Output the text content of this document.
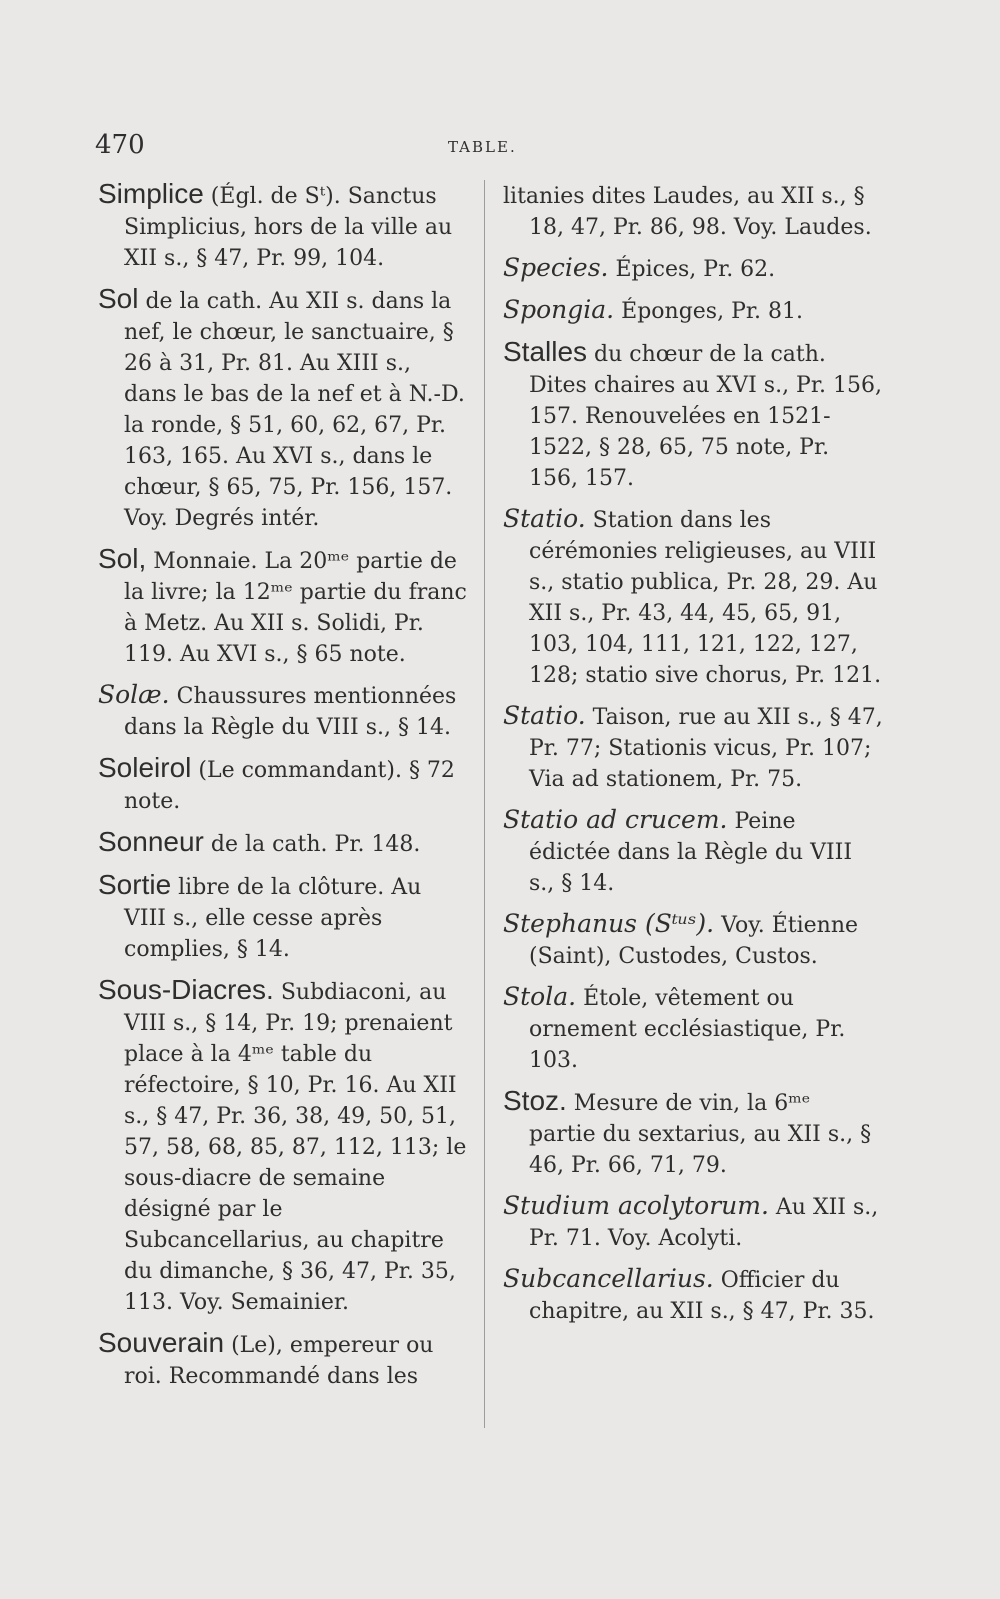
470	TABLE.
Simplice (Égl. de Sᵗ). Sanctus Simplicius, hors de la ville au XII s., § 47, Pr. 99, 104.
Sol de la cath. Au XII s. dans la nef, le chœur, le sanctuaire, § 26 à 31, Pr. 81. Au XIII s., dans le bas de la nef et à N.-D. la ronde, § 51, 60, 62, 67, Pr. 163, 165. Au XVI s., dans le chœur, § 65, 75, Pr. 156, 157. Voy. Degrés intér.
Sol, Monnaie. La 20ᵐᵉ partie de la livre; la 12ᵐᵉ partie du franc à Metz. Au XII s. Solidi, Pr. 119. Au XVI s., § 65 note.
Solæ. Chaussures mentionnées dans la Règle du VIII s., § 14.
Soleirol (Le commandant). § 72 note.
Sonneur de la cath. Pr. 148.
Sortie libre de la clôture. Au VIII s., elle cesse après complies, § 14.
Sous-Diacres. Subdiaconi, au VIII s., § 14, Pr. 19; prenaient place à la 4ᵐᵉ table du réfectoire, § 10, Pr. 16. Au XII s., § 47, Pr. 36, 38, 49, 50, 51, 57, 58, 68, 85, 87, 112, 113; le sous-diacre de semaine désigné par le Subcancellarius, au chapitre du dimanche, § 36, 47, Pr. 35, 113. Voy. Semainier.
Souverain (Le), empereur ou roi. Recommandé dans les
litanies dites Laudes, au XII s., § 18, 47, Pr. 86, 98. Voy. Laudes.
Species. Épices, Pr. 62.
Spongia. Éponges, Pr. 81.
Stalles du chœur de la cath. Dites chaires au XVI s., Pr. 156, 157. Renouvelées en 1521-1522, § 28, 65, 75 note, Pr. 156, 157.
Statio. Station dans les cérémonies religieuses, au VIII s., statio publica, Pr. 28, 29. Au XII s., Pr. 43, 44, 45, 65, 91, 103, 104, 111, 121, 122, 127, 128; statio sive chorus, Pr. 121.
Statio. Taison, rue au XII s., § 47, Pr. 77; Stationis vicus, Pr. 107; Via ad stationem, Pr. 75.
Statio ad crucem. Peine édictée dans la Règle du VIII s., § 14.
Stephanus (Sᵗᵘˢ). Voy. Étienne (Saint), Custodes, Custos.
Stola. Étole, vêtement ou ornement ecclésiastique, Pr. 103.
Stoz. Mesure de vin, la 6ᵐᵉ partie du sextarius, au XII s., § 46, Pr. 66, 71, 79.
Studium acolytorum. Au XII s., Pr. 71. Voy. Acolyti.
Subcancellarius. Officier du chapitre, au XII s., § 47, Pr. 35.
